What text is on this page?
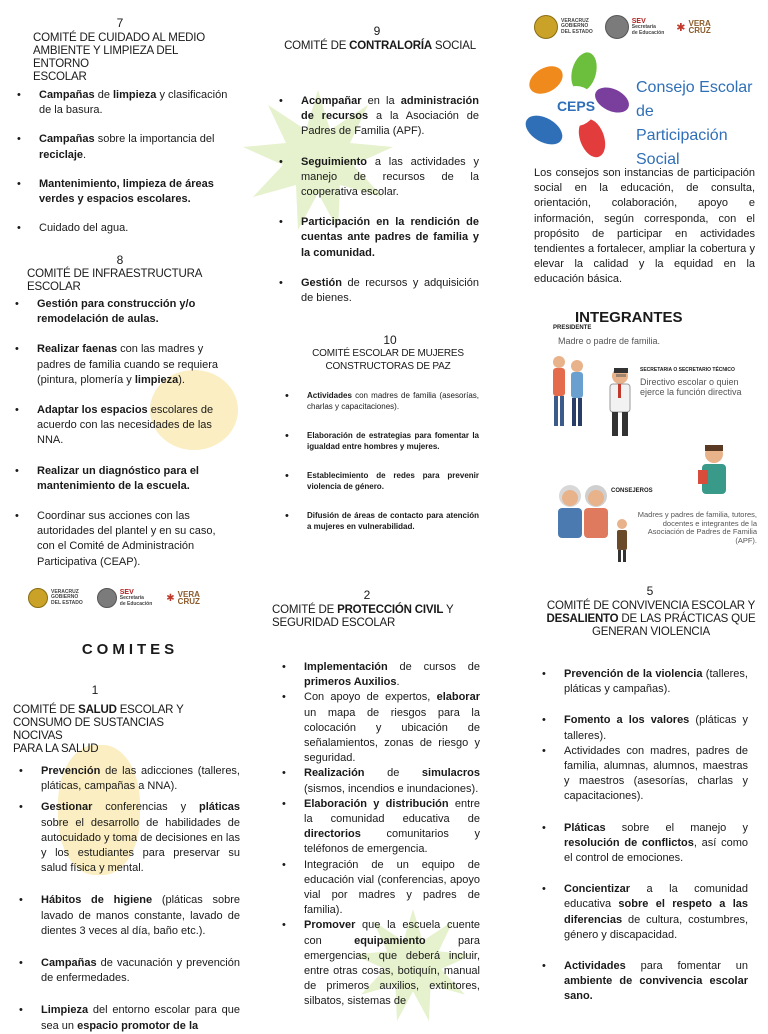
7
COMITÉ DE CUIDADO AL MEDIO
AMBIENTE Y LIMPIEZA DEL ENTORNO
ESCOLAR
• Campañas de limpieza y clasificación de la basura.
• Campañas sobre la importancia del reciclaje.
• Mantenimiento, limpieza de áreas verdes y espacios escolares.
• Cuidado del agua.
8
COMITÉ DE INFRAESTRUCTURA ESCOLAR
• Gestión para construcción y/o remodelación de aulas.
• Realizar faenas con las madres y padres de familia cuando se requiera (pintura, plomería y limpieza).
• Adaptar los espacios escolares de acuerdo con las necesidades de las NNA.
• Realizar un diagnóstico para el mantenimiento de la escuela.
• Coordinar sus acciones con las autoridades del plantel y en su caso, con el Comité de Administración Participativa (CEAP).
VERACRUZ
GOBIERNO
DEL ESTADO
SEV
Secretaría
de Educación ✱ VERA
CRUZ
COMITES
1
COMITÉ DE SALUD ESCOLAR Y
CONSUMO DE SUSTANCIAS NOCIVAS
PARA LA SALUD
• Prevención de las adicciones (talleres, pláticas, campañas a NNA).
• Gestionar conferencias y pláticas sobre el desarrollo de habilidades de autocuidado y toma de decisiones en las y los estudiantes para preservar su salud física y mental.
• Hábitos de higiene (pláticas sobre lavado de manos constante, lavado de dientes 3 veces al día, baño etc.).
• Campañas de vacunación y prevención de enfermedades.
• Limpieza del entorno escolar para que sea un espacio promotor de la
9
COMITÉ DE CONTRALORÍA SOCIAL
• Acompañar en la administración de recursos a la Asociación de Padres de Familia (APF).
• Seguimiento a las actividades y manejo de recursos de la cooperativa escolar.
• Participación en la rendición de cuentas ante padres de familia y la comunidad.
• Gestión de recursos y adquisición de bienes.
10
COMITÉ ESCOLAR DE MUJERES CONSTRUCTORAS DE PAZ
• Actividades con madres de familia (asesorías, charlas y capacitaciones).
• Elaboración de estrategias para fomentar la igualdad entre hombres y mujeres.
• Establecimiento de redes para prevenir violencia de género.
• Difusión de áreas de contacto para atención a mujeres en vulnerabilidad.
2
COMITÉ DE PROTECCIÓN CIVIL Y
SEGURIDAD ESCOLAR
• Implementación de cursos de primeros Auxilios.
• Con apoyo de expertos, elaborar un mapa de riesgos para la colocación y ubicación de señalamientos, zonas de riesgo y seguridad.
• Realización de simulacros (sismos, incendios e inundaciones).
• Elaboración y distribución entre la comunidad educativa de directorios comunitarios y teléfonos de emergencia.
• Integración de un equipo de educación vial (conferencias, apoyo vial por madres y padres de familia).
• Promover que la escuela cuente con equipamiento para emergencias, que deberá incluir, entre otras cosas, botiquín, manual de primeros auxilios, extintores, silbatos, sistemas de
VERACRUZ
GOBIERNO
DEL ESTADO
SEV
Secretaría
de Educación ✱ VERA
CRUZ
CEPS
Consejo Escolar de
Participación Social
Los consejos son instancias de participación social en la educación, de consulta, orientación, colaboración, apoyo e información, según corresponda, con el propósito de participar en actividades tendientes a fortalecer, ampliar la cobertura y elevar la calidad y la equidad en la educación básica.
INTEGRANTES
PRESIDENTE
Madre o padre de familia.
SECRETARIA O SECRETARIO TÉCNICO
Directivo escolar o quien ejerce la función directiva
CONSEJEROS
Madres y padres de familia, tutores, docentes e integrantes de la Asociación de Padres de Familia (APF).
5
COMITÉ DE CONVIVENCIA ESCOLAR Y
DESALIENTO DE LAS PRÁCTICAS QUE
GENERAN VIOLENCIA
• Prevención de la violencia (talleres, pláticas y campañas).
• Fomento a los valores (pláticas y talleres).
• Actividades con madres, padres de familia, alumnas, alumnos, maestras y maestros (asesorías, charlas y capacitaciones).
• Pláticas sobre el manejo y resolución de conflictos, así como el control de emociones.
• Concientizar a la comunidad educativa sobre el respeto a las diferencias de cultura, costumbres, género y discapacidad.
• Actividades para fomentar un ambiente de convivencia escolar sano.
